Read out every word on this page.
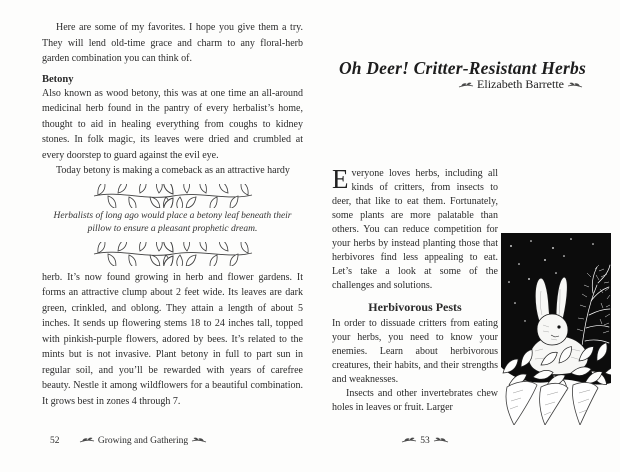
Here are some of my favorites. I hope you give them a try. They will lend old-time grace and charm to any floral-herb garden combination you can think of.

Betony

Also known as wood betony, this was at one time an all-around medicinal herb found in the pantry of every herbalist’s home, thought to aid in healing everything from coughs to kidney stones. In folk magic, its leaves were dried and crumbled at every doorstep to guard against the evil eye.

Today betony is making a comeback as an attractive hardy

Herbalists of long ago would place a betony leaf beneath their pillow to ensure a pleasant prophetic dream.

herb. It’s now found growing in herb and flower gardens. It forms an attractive clump about 2 feet wide. Its leaves are dark green, crinkled, and oblong. They attain a length of about 5 inches. It sends up flowering stems 18 to 24 inches tall, topped with pinkish-purple flowers, adored by bees. It’s related to the mints but is not invasive. Plant betony in full to part sun in regular soil, and you’ll be rewarded with years of carefree beauty. Nestle it among wildflowers for a beautiful combination. It grows best in zones 4 through 7.

52	Growing and Gathering
Oh Deer! Critter-Resistant Herbs
Elizabeth Barrette

Everyone loves herbs, including all kinds of critters, from insects to deer, that like to eat them. Fortunately, some plants are more palatable than others. You can reduce competition for your herbs by instead planting those that herbivores find less appealing to eat. Let’s take a look at some of the challenges and solutions.

Herbivorous Pests

In order to dissuade critters from eating your herbs, you need to know your enemies. Learn about herbivorous creatures, their habits, and their strengths and weaknesses.

Insects and other invertebrates chew holes in leaves or fruit. Larger

53
